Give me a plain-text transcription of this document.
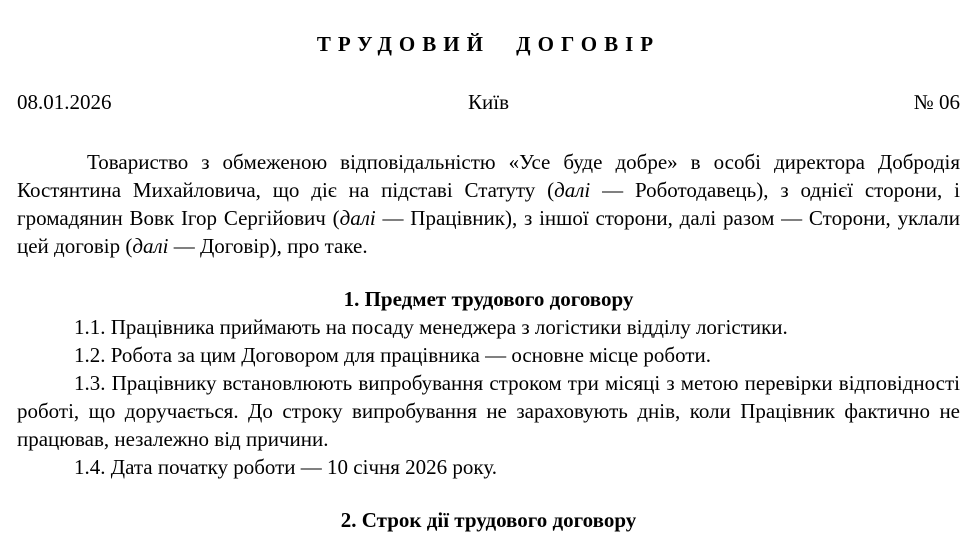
ТРУДОВИЙ ДОГОВІР
08.01.2026	Київ	№ 06

Товариство з обмеженою відповідальністю «Усе буде добре» в особі директора Добродія Костянтина Михайловича, що діє на підставі Статуту (далі — Роботодавець), з однієї сторони, і громадянин Вовк Ігор Сергійович (далі — Працівник), з іншої сторони, далі разом — Сторони, уклали цей договір (далі — Договір), про таке.

1. Предмет трудового договору

1.1. Працівника приймають на посаду менеджера з логістики відділу логістики.

1.2. Робота за цим Договором для працівника — основне місце роботи.

1.3. Працівнику встановлюють випробування строком три місяці з метою перевірки відповідності роботі, що доручається. До строку випробування не зараховують днів, коли Працівник фактично не працював, незалежно від причини.

1.4. Дата початку роботи — 10 січня 2026 року.

2. Строк дії трудового договору
